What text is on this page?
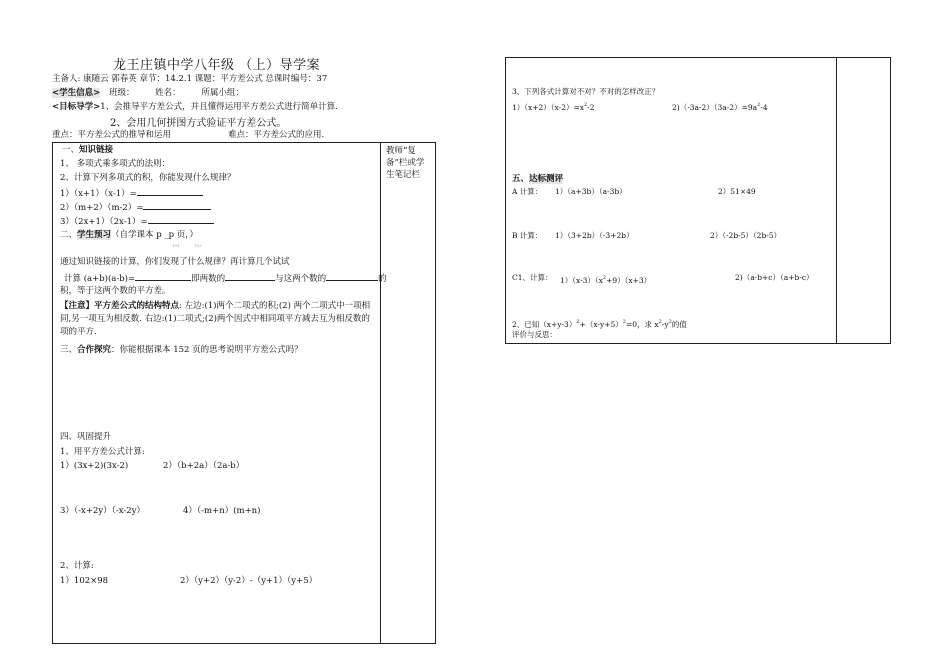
龙王庄镇中学八年级 （上）导学案
主备人: 康随云 郭春英 章节：14.2.1 课题：平方差公式 总课时编号：37
<学生信息> 班级： 姓名： 所属小组：
<目标导学>1、会推导平方差公式，并且懂得运用平方差公式进行简单计算.
2、会用几何拼图方式验证平方差公式。
重点：平方差公式的推导和运用	难点：平方差公式的应用.
教师“复备”栏或学生笔记栏
一、知识链接
1、 多项式乘多项式的法则：
2、计算下列多项式的积，你能发现什么规律？
1）（x+1）（x-1）=
2）（m+2）（m-2）=
3）（2x+1）（2x-1）=
二、学生预习（自学课本 p _p 页，）
151	153
通过知识链接的计算，你们发现了什么规律？再计算几个试试
计算 (a+b)(a-b)=	即两数的	与这两个数的	的
积，等于这两个数的平方差。
【注意】平方差公式的结构特点: 左边:(1)两个二项式的积;(2) 两个二项式中一项相同,另一项互为相反数. 右边:(1)二项式;(2)两个因式中相同项平方减去互为相反数的项的平方.
三、合作探究：你能根据课本 152 页的思考说明平方差公式吗？
四、巩固提升
1、用平方差公式计算:
1）(3x+2)(3x-2)	2）（b+2a）（2a-b）
3）（-x+2y）（-x-2y）	4）（-m+n）(m+n)
2、计算:
1）102×98	2）（y+2）（y-2）-（y+1）（y+5）
3、下列各式计算对不对？不对的怎样改正？
$1)(x+2)(x-2)=x^2-2$	$2)(-3a-2)(3a-2)=9a^2-4$
五、达标测评
A 计算： 1）（a+3b）（a-3b）	2）51×49
B 计算： 1）（3+2b）（-3+2b）	2）（-2b-5）（2b-5）
C1、计算： $1)(x-3)(x^2+9)(x+3)$	2)（a-b+c）（a+b-c）
2、已知$(x+y-3)^2+(x-y+5)^2=0$，求 $x^2-y^2$的值
评价与反思：
